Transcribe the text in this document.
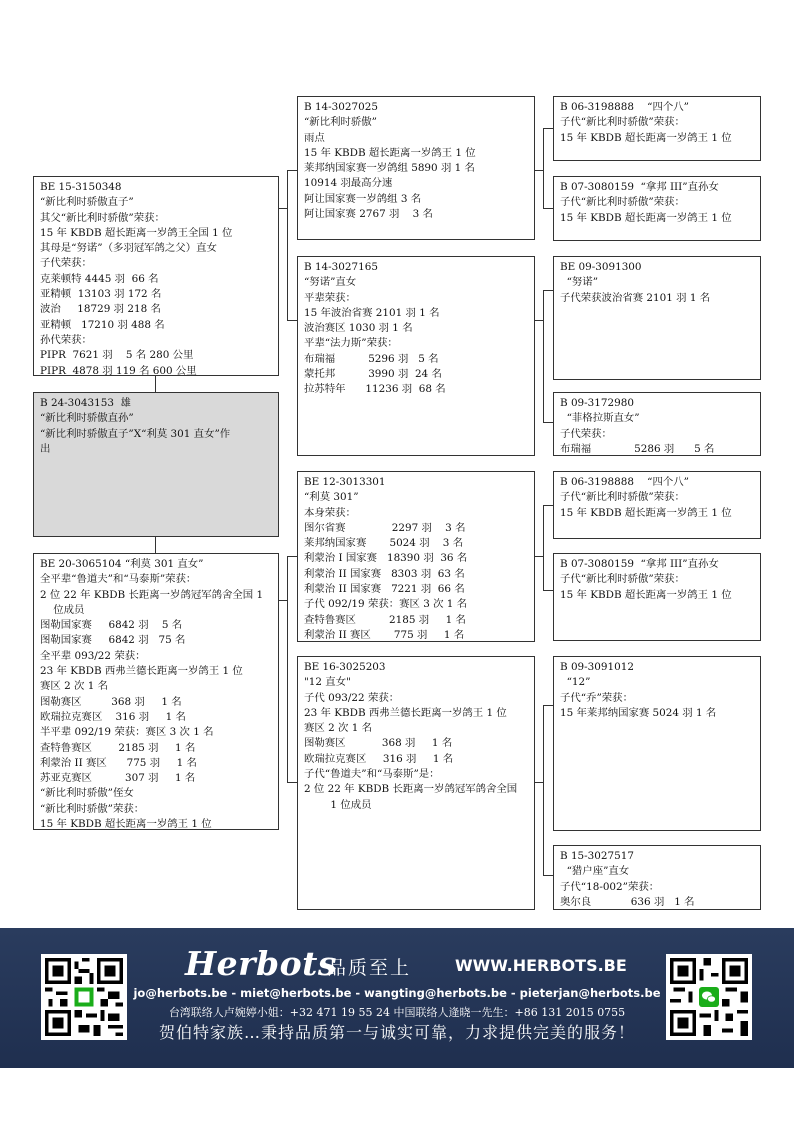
BE 15-3150348
“新比利时骄傲直子”
其父“新比利时骄傲”荣获：
15 年 KBDB 超长距离一岁鸽王全国 1 位
其母是“努诺”（多羽冠军鸽之父）直女
子代荣获：
克莱顿特 4445 羽  66 名
亚精顿  13103 羽 172 名
波治     18729 羽 218 名
亚精顿   17210 羽 488 名
孙代荣获：
PIPR  7621 羽    5 名 280 公里
PIPR  4878 羽 119 名 600 公里
B 24-3043153  雄
“新比利时骄傲直孙”
“新比利时骄傲直子”X“利莫 301 直女”作
出
BE 20-3065104 “利莫 301 直女”
全平辈“鲁道夫”和“马泰斯”荣获：
2 位 22 年 KBDB 长距离一岁鸽冠军鸽舍全国 1
位成员
图勒国家赛     6842 羽    5 名
图勒国家赛     6842 羽   75 名
全平辈 093/22 荣获：
23 年 KBDB 西弗兰德长距离一岁鸽王 1 位
赛区 2 次 1 名
图勒赛区         368 羽     1 名
欧瑞拉克赛区    316 羽     1 名
半平辈 092/19 荣获：赛区 3 次 1 名
查特鲁赛区        2185 羽     1 名
利蒙治 II 赛区      775 羽     1 名
苏亚克赛区          307 羽     1 名
“新比利时骄傲”侄女
“新比利时骄傲”荣获：
15 年 KBDB 超长距离一岁鸽王 1 位
B 14-3027025
“新比利时骄傲”
雨点
15 年 KBDB 超长距离一岁鸽王 1 位
莱邦纳国家赛一岁鸽组 5890 羽 1 名
10914 羽最高分速
阿让国家赛一岁鸽组 3 名
阿让国家赛 2767 羽    3 名
B 14-3027165
“努诺”直女
平辈荣获：
15 年波治省赛 2101 羽 1 名
波治赛区 1030 羽 1 名
平辈“法力斯”荣获：
布瑞福          5296 羽   5 名
蒙托邦          3990 羽  24 名
拉苏特年      11236 羽  68 名
BE 12-3013301
“利莫 301”
本身荣获：
图尔省赛              2297 羽    3 名
莱邦纳国家赛       5024 羽    3 名
利蒙治 I 国家赛   18390 羽  36 名
利蒙治 II 国家赛   8303 羽  63 名
利蒙治 II 国家赛   7221 羽  66 名
子代 092/19 荣获：赛区 3 次 1 名
查特鲁赛区          2185 羽     1 名
利蒙治 II 赛区       775 羽     1 名
BE 16-3025203
"12 直女"
子代 093/22 荣获：
23 年 KBDB 西弗兰德长距离一岁鸽王 1 位
赛区 2 次 1 名
图勒赛区           368 羽     1 名
欧瑞拉克赛区     316 羽     1 名
子代“鲁道夫”和“马泰斯”是：
2 位 22 年 KBDB 长距离一岁鸽冠军鸽舍全国
1 位成员
B 06-3198888    “四个八”
子代“新比利时骄傲”荣获：
15 年 KBDB 超长距离一岁鸽王 1 位
B 07-3080159  “拿邦 III”直孙女
子代“新比利时骄傲”荣获：
15 年 KBDB 超长距离一岁鸽王 1 位
BE 09-3091300
“努诺”
子代荣获波治省赛 2101 羽 1 名
B 09-3172980
“菲格拉斯直女”
子代荣获：
布瑞福             5286 羽      5 名
B 06-3198888    “四个八”
子代“新比利时骄傲”荣获：
15 年 KBDB 超长距离一岁鸽王 1 位
B 07-3080159  “拿邦 III”直孙女
子代“新比利时骄傲”荣获：
15 年 KBDB 超长距离一岁鸽王 1 位
B 09-3091012
“12”
子代“乔”荣获：
15 年莱邦纳国家赛 5024 羽 1 名
B 15-3027517
“猎户座”直女
子代“18-002”荣获：
奥尔良            636 羽   1 名
Herbots
品质至上	WWW.HERBOTS.BE
jo@herbots.be - miet@herbots.be - wangting@herbots.be - pieterjan@herbots.be
台湾联络人卢婉婷小姐：+32 471 19 55 24 中国联络人逄晓一先生：+86 131 2015 0755
贺伯特家族…秉持品质第一与诚实可靠，力求提供完美的服务！
